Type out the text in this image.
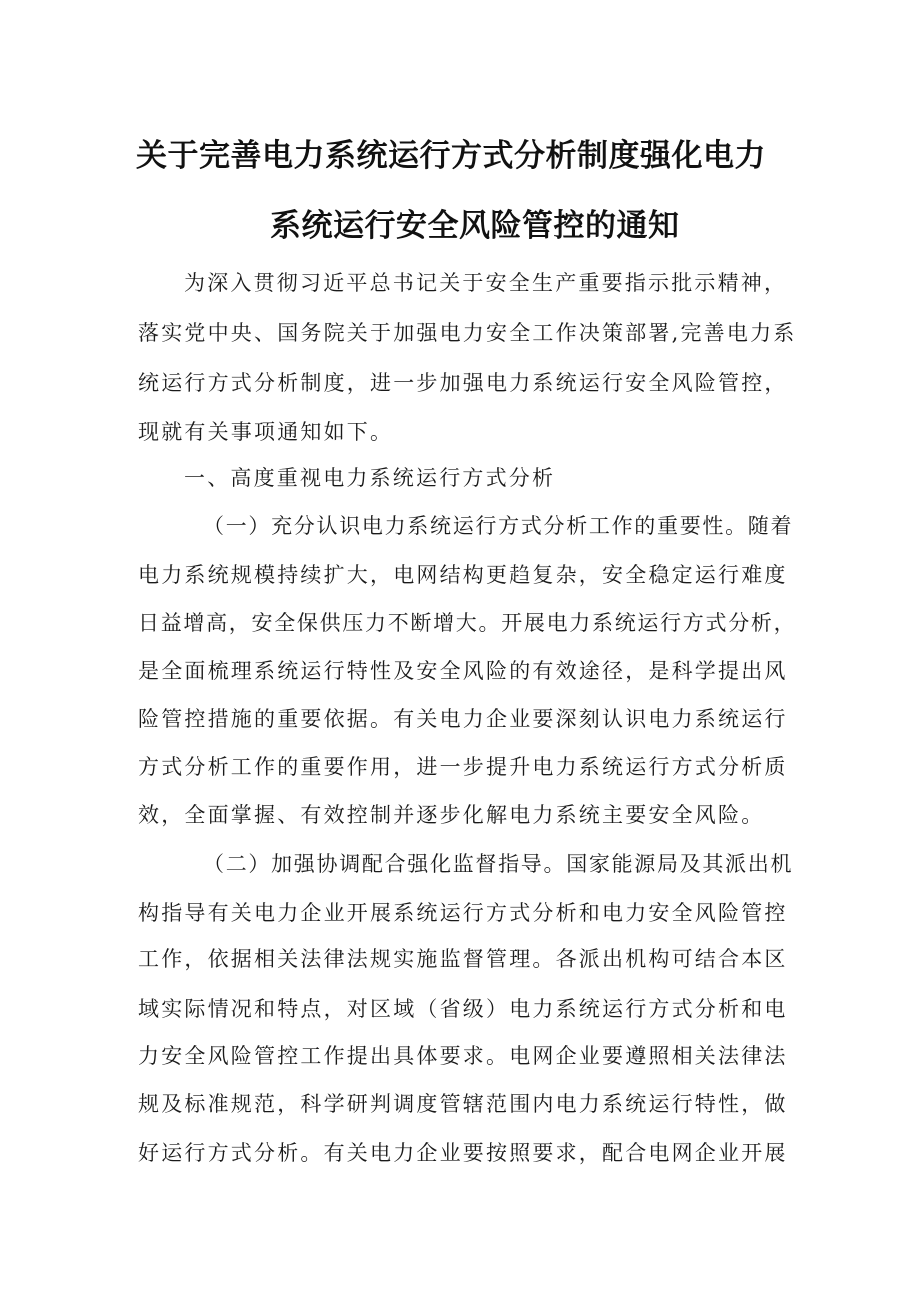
关于完善电力系统运行方式分析制度强化电力
系统运行安全风险管控的通知
为深入贯彻习近平总书记关于安全生产重要指示批示精神，
落实党中央、国务院关于加强电力安全工作决策部署,完善电力系
统运行方式分析制度，进一步加强电力系统运行安全风险管控，
现就有关事项通知如下。
一、高度重视电力系统运行方式分析
（一）充分认识电力系统运行方式分析工作的重要性。随着
电力系统规模持续扩大，电网结构更趋复杂，安全稳定运行难度
日益增高，安全保供压力不断增大。开展电力系统运行方式分析，
是全面梳理系统运行特性及安全风险的有效途径，是科学提出风
险管控措施的重要依据。有关电力企业要深刻认识电力系统运行
方式分析工作的重要作用，进一步提升电力系统运行方式分析质
效，全面掌握、有效控制并逐步化解电力系统主要安全风险。
（二）加强协调配合强化监督指导。国家能源局及其派出机
构指导有关电力企业开展系统运行方式分析和电力安全风险管控
工作，依据相关法律法规实施监督管理。各派出机构可结合本区
域实际情况和特点，对区域（省级）电力系统运行方式分析和电
力安全风险管控工作提出具体要求。电网企业要遵照相关法律法
规及标准规范，科学研判调度管辖范围内电力系统运行特性，做
好运行方式分析。有关电力企业要按照要求，配合电网企业开展
